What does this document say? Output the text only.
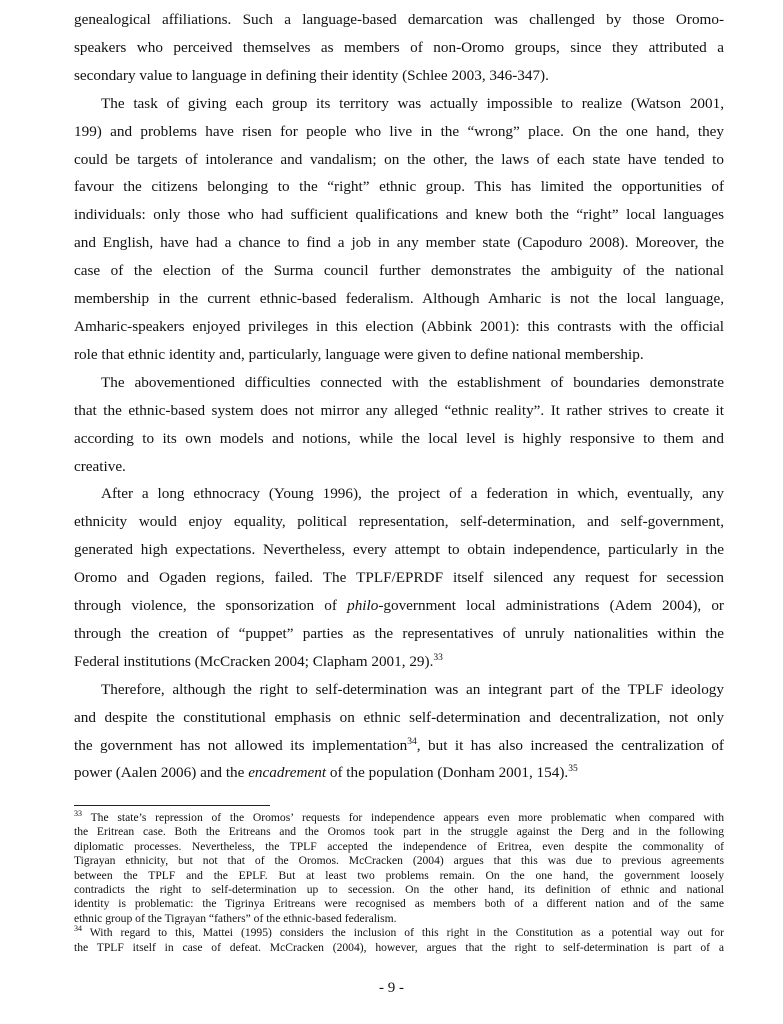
genealogical affiliations. Such a language-based demarcation was challenged by those Oromo-
speakers who perceived themselves as members of non-Oromo groups, since they attributed a
secondary value to language in defining their identity (Schlee 2003, 346-347).

The task of giving each group its territory was actually impossible to realize (Watson 2001,
199) and problems have risen for people who live in the “wrong” place. On the one hand, they
could be targets of intolerance and vandalism; on the other, the laws of each state have tended to
favour the citizens belonging to the “right” ethnic group. This has limited the opportunities of
individuals: only those who had sufficient qualifications and knew both the “right” local languages
and English, have had a chance to find a job in any member state (Capoduro 2008). Moreover, the
case of the election of the Surma council further demonstrates the ambiguity of the national
membership in the current ethnic-based federalism. Although Amharic is not the local language,
Amharic-speakers enjoyed privileges in this election (Abbink 2001): this contrasts with the official
role that ethnic identity and, particularly, language were given to define national membership.

The abovementioned difficulties connected with the establishment of boundaries demonstrate
that the ethnic-based system does not mirror any alleged “ethnic reality”. It rather strives to create it
according to its own models and notions, while the local level is highly responsive to them and
creative.

After a long ethnocracy (Young 1996), the project of a federation in which, eventually, any
ethnicity would enjoy equality, political representation, self-determination, and self-government,
generated high expectations. Nevertheless, every attempt to obtain independence, particularly in the
Oromo and Ogaden regions, failed. The TPLF/EPRDF itself silenced any request for secession
through violence, the sponsorization of philo-government local administrations (Adem 2004), or
through the creation of “puppet” parties as the representatives of unruly nationalities within the
Federal institutions (McCracken 2004; Clapham 2001, 29).$^{33}$

Therefore, although the right to self-determination was an integrant part of the TPLF ideology
and despite the constitutional emphasis on ethnic self-determination and decentralization, not only
the government has not allowed its implementation$^{34}$, but it has also increased the centralization of
power (Aalen 2006) and the encadrement of the population (Donham 2001, 154).$^{35}$

$^{33}$ The state’s repression of the Oromos’ requests for independence appears even more problematic when compared with
the Eritrean case. Both the Eritreans and the Oromos took part in the struggle against the Derg and in the following
diplomatic processes. Nevertheless, the TPLF accepted the independence of Eritrea, even despite the commonality of
Tigrayan ethnicity, but not that of the Oromos. McCracken (2004) argues that this was due to previous agreements
between the TPLF and the EPLF. But at least two problems remain. On the one hand, the government loosely
contradicts the right to self-determination up to secession. On the other hand, its definition of ethnic and national
identity is problematic: the Tigrinya Eritreans were recognised as members both of a different nation and of the same
ethnic group of the Tigrayan “fathers” of the ethnic-based federalism.

$^{34}$ With regard to this, Mattei (1995) considers the inclusion of this right in the Constitution as a potential way out for
the TPLF itself in case of defeat. McCracken (2004), however, argues that the right to self-determination is part of a

- 9 -
